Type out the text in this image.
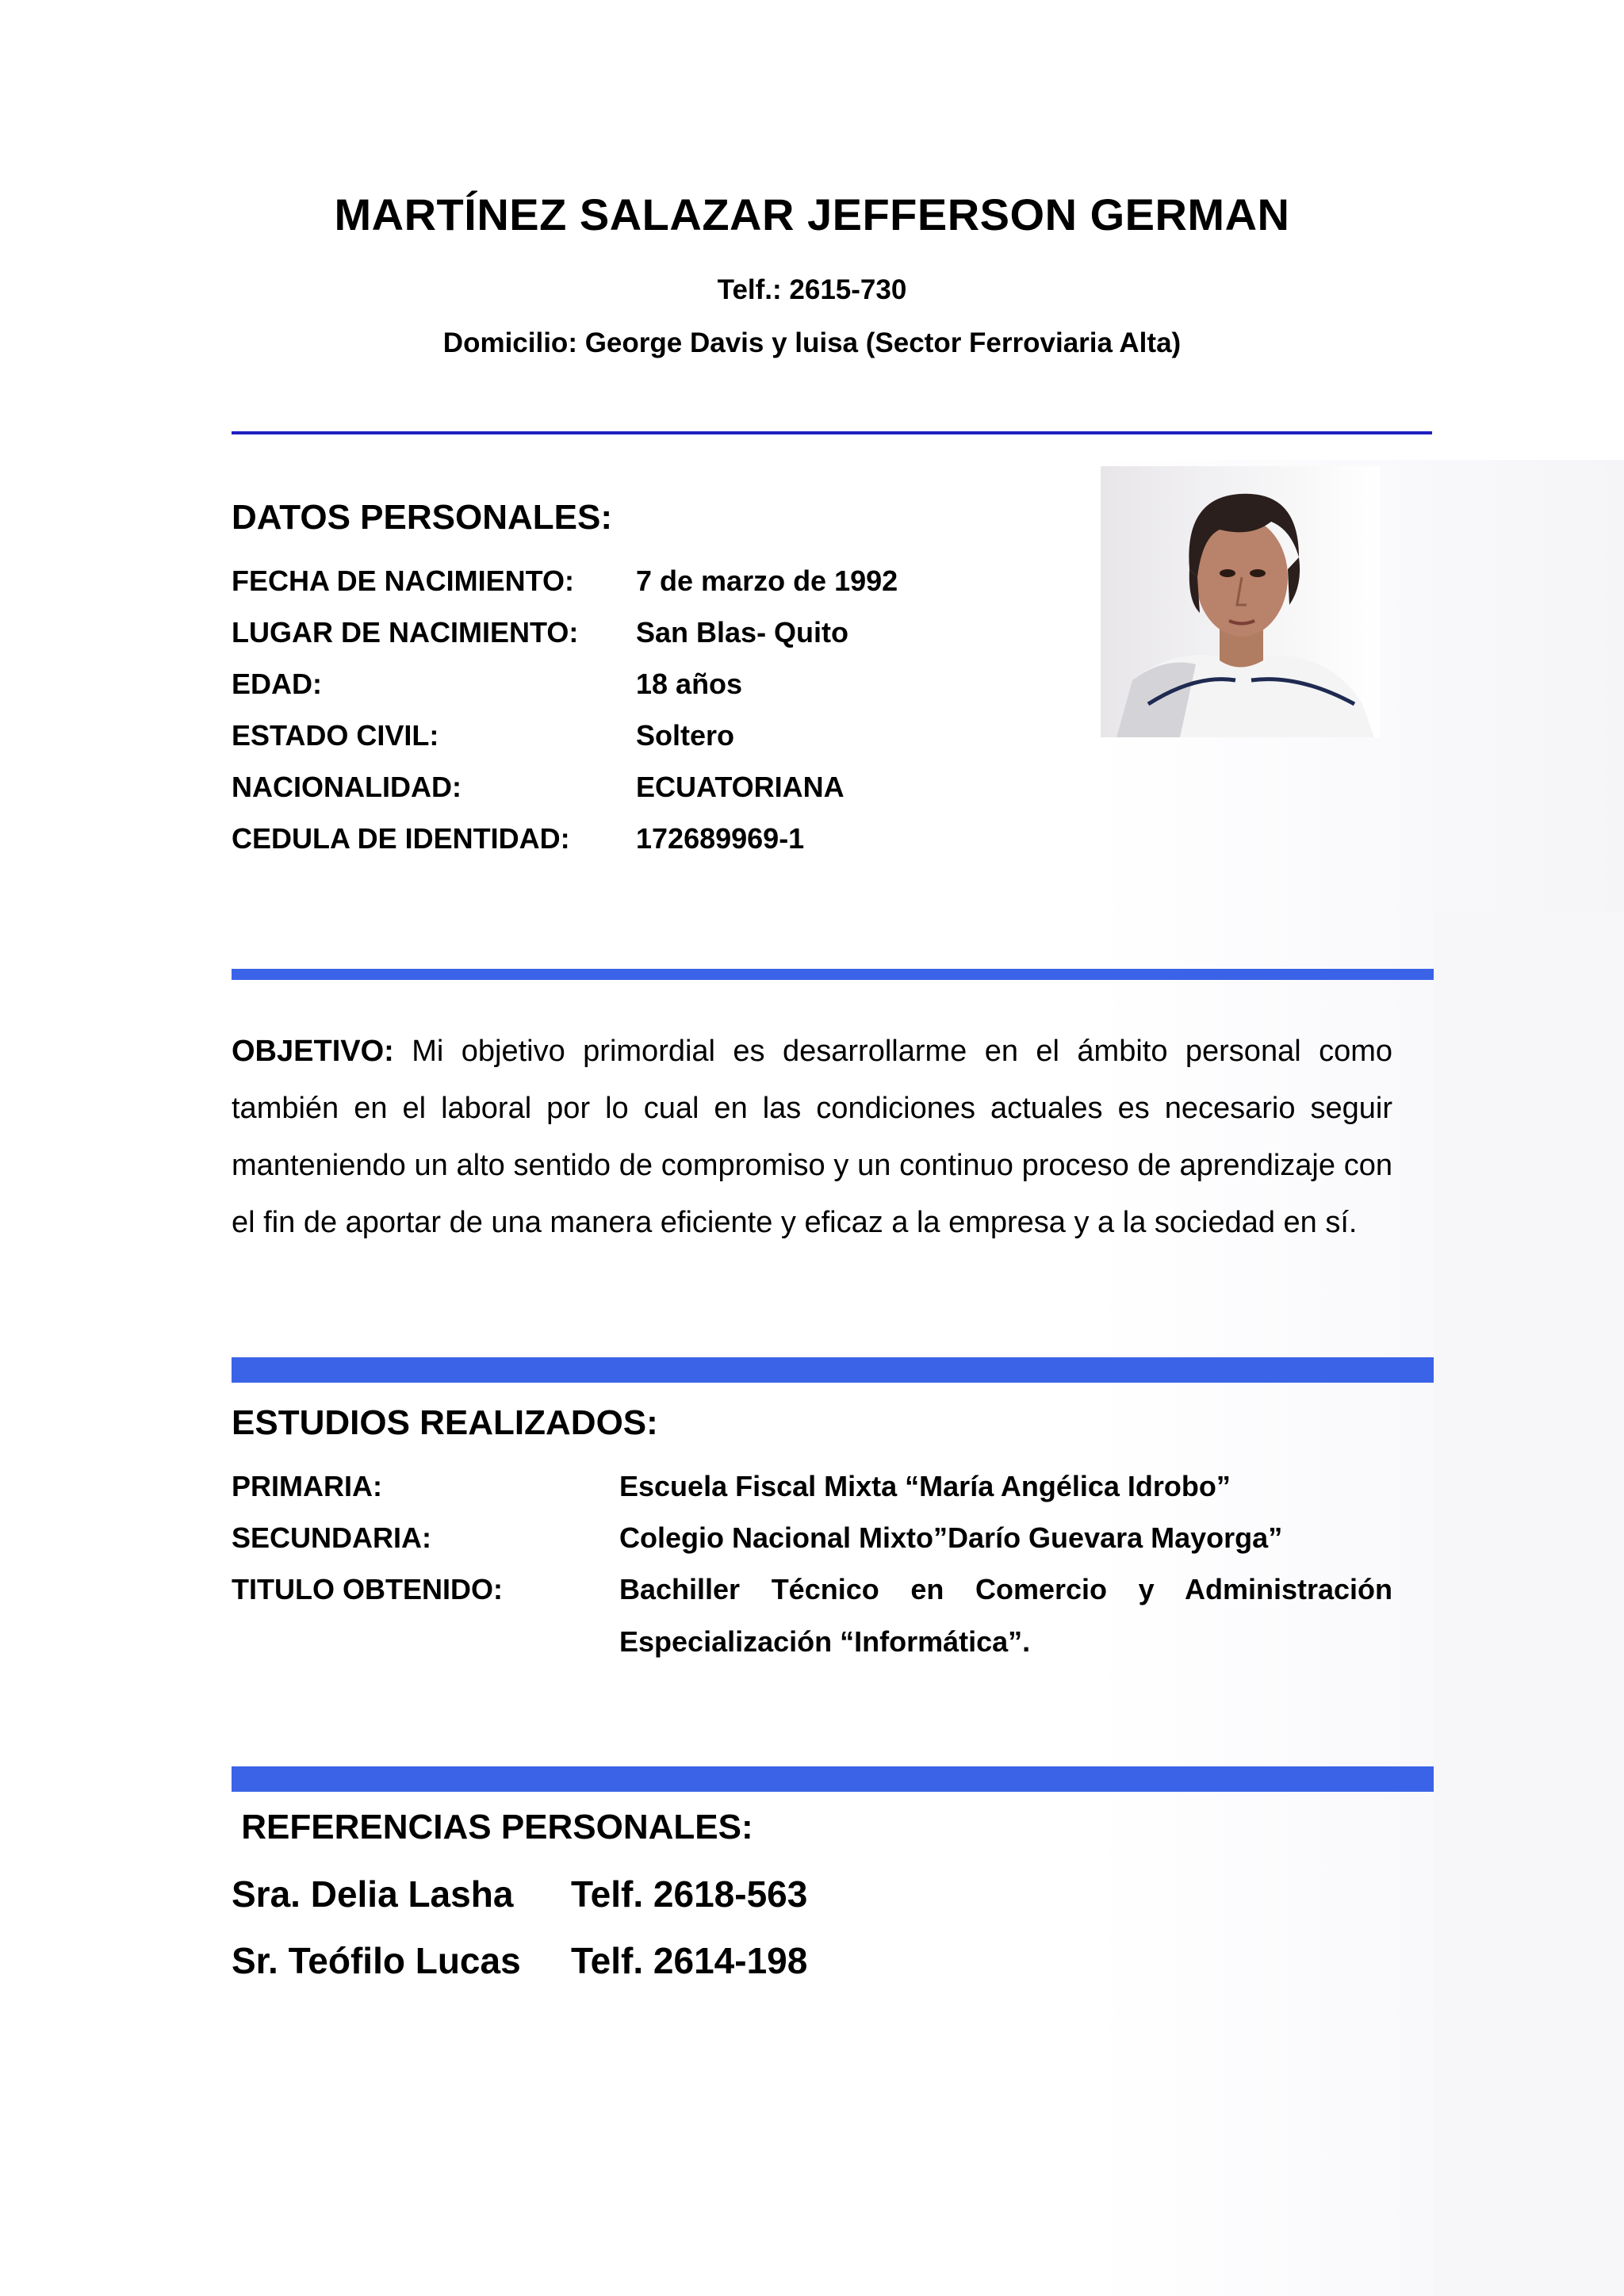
MARTÍNEZ SALAZAR JEFFERSON GERMAN
Telf.: 2615-730
Domicilio: George Davis y luisa (Sector Ferroviaria Alta)
DATOS PERSONALES:
FECHA DE NACIMIENTO: 7 de marzo de 1992
LUGAR DE NACIMIENTO: San Blas- Quito
EDAD:	18 años
ESTADO CIVIL:	Soltero
NACIONALIDAD:	ECUATORIANA
CEDULA DE IDENTIDAD: 172689969-1
OBJETIVO: Mi objetivo primordial es desarrollarme en el ámbito personal como también en el laboral por lo cual en las condiciones actuales es necesario seguir manteniendo un alto sentido de compromiso y un continuo proceso de aprendizaje con el fin de aportar de una manera eficiente y eficaz a la empresa y a la sociedad en sí.
ESTUDIOS REALIZADOS:
PRIMARIA:	Escuela Fiscal Mixta “María Angélica Idrobo”
SECUNDARIA:	Colegio Nacional Mixto”Darío Guevara Mayorga”
TITULO OBTENIDO:	Bachiller Técnico en Comercio y Administración
Especialización “Informática”.
REFERENCIAS PERSONALES:
Sra. Delia Lasha Telf. 2618-563
Sr. Teófilo Lucas Telf. 2614-198
